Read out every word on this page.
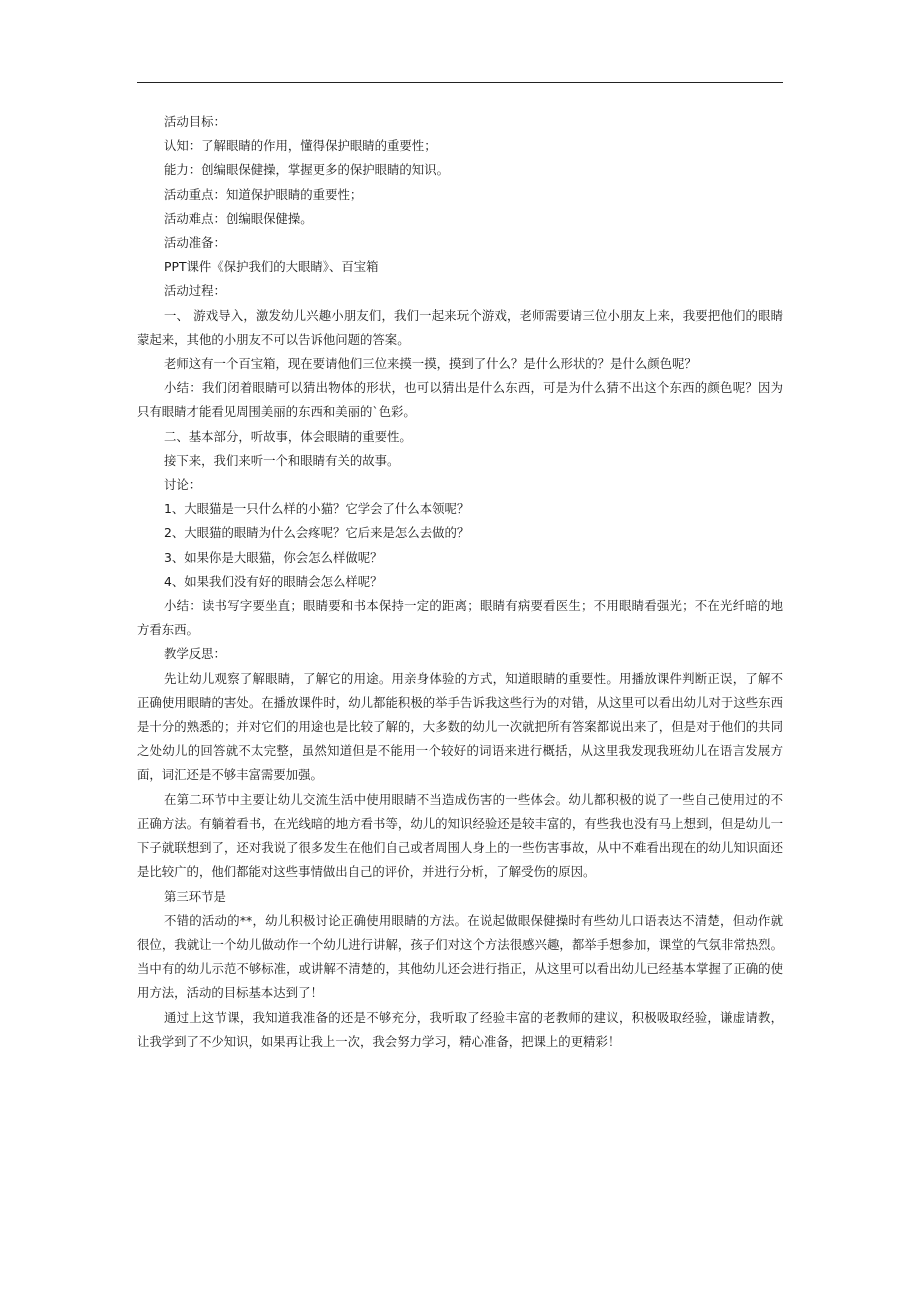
活动目标：

认知：了解眼睛的作用，懂得保护眼睛的重要性；

能力：创编眼保健操，掌握更多的保护眼睛的知识。

活动重点：知道保护眼睛的重要性；

活动难点：创编眼保健操。

活动准备：

PPT课件《保护我们的大眼睛》、百宝箱

活动过程：

一、 游戏导入，激发幼儿兴趣小朋友们，我们一起来玩个游戏，老师需要请三位小朋友上来，我要把他们的眼睛蒙起来，其他的小朋友不可以告诉他问题的答案。

老师这有一个百宝箱，现在要请他们三位来摸一摸，摸到了什么？是什么形状的？是什么颜色呢？

小结：我们闭着眼睛可以猜出物体的形状，也可以猜出是什么东西，可是为什么猜不出这个东西的颜色呢？因为只有眼睛才能看见周围美丽的东西和美丽的`色彩。

二、基本部分，听故事，体会眼睛的重要性。

接下来，我们来听一个和眼睛有关的故事。

讨论：

1、大眼猫是一只什么样的小猫？它学会了什么本领呢？

2、大眼猫的眼睛为什么会疼呢？它后来是怎么去做的？

3、如果你是大眼猫，你会怎么样做呢？

4、如果我们没有好的眼睛会怎么样呢？

小结：读书写字要坐直；眼睛要和书本保持一定的距离；眼睛有病要看医生；不用眼睛看强光；不在光纤暗的地方看东西。

教学反思：

先让幼儿观察了解眼睛，了解它的用途。用亲身体验的方式，知道眼睛的重要性。用播放课件判断正误，了解不正确使用眼睛的害处。在播放课件时，幼儿都能积极的举手告诉我这些行为的对错，从这里可以看出幼儿对于这些东西是十分的熟悉的；并对它们的用途也是比较了解的，大多数的幼儿一次就把所有答案都说出来了，但是对于他们的共同之处幼儿的回答就不太完整，虽然知道但是不能用一个较好的词语来进行概括，从这里我发现我班幼儿在语言发展方面，词汇还是不够丰富需要加强。

在第二环节中主要让幼儿交流生活中使用眼睛不当造成伤害的一些体会。幼儿都积极的说了一些自己使用过的不正确方法。有躺着看书，在光线暗的地方看书等，幼儿的知识经验还是较丰富的，有些我也没有马上想到，但是幼儿一下子就联想到了，还对我说了很多发生在他们自己或者周围人身上的一些伤害事故，从中不难看出现在的幼儿知识面还是比较广的，他们都能对这些事情做出自己的评价，并进行分析，了解受伤的原因。

第三环节是

不错的活动的**，幼儿积极讨论正确使用眼睛的方法。在说起做眼保健操时有些幼儿口语表达不清楚，但动作就很位，我就让一个幼儿做动作一个幼儿进行讲解，孩子们对这个方法很感兴趣，都举手想参加，课堂的气氛非常热烈。当中有的幼儿示范不够标准，或讲解不清楚的，其他幼儿还会进行指正，从这里可以看出幼儿已经基本掌握了正确的使用方法，活动的目标基本达到了！

通过上这节课，我知道我准备的还是不够充分，我听取了经验丰富的老教师的建议，积极吸取经验，谦虚请教，让我学到了不少知识，如果再让我上一次，我会努力学习，精心准备，把课上的更精彩！
